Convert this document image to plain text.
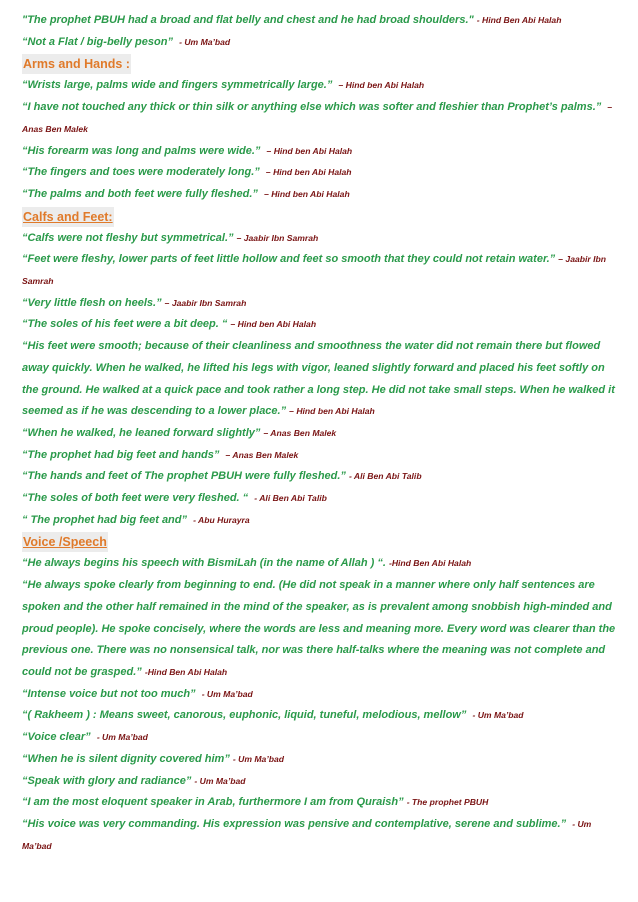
"The prophet PBUH had a broad and flat belly and chest and he had broad shoulders." - Hind Ben Abi Halah

“Not a Flat / big-belly peson” - Um Ma’bad

Arms and Hands :

“Wrists large, palms wide and fingers symmetrically large.” – Hind ben Abi Halah

“I have not touched any thick or thin silk or anything else which was softer and fleshier than Prophet’s palms.” – Anas Ben Malek

“His forearm was long and palms were wide.” – Hind ben Abi Halah

“The fingers and toes were moderately long.” – Hind ben Abi Halah

“The palms and both feet were fully fleshed.” – Hind ben Abi Halah

Calfs and Feet:

“Calfs were not fleshy but symmetrical.” – Jaabir Ibn Samrah

“Feet were fleshy, lower parts of feet little hollow and feet so smooth that they could not retain water.” – Jaabir Ibn Samrah

“Very little flesh on heels.” – Jaabir Ibn Samrah

“The soles of his feet were a bit deep. “ – Hind ben Abi Halah

“His feet were smooth; because of their cleanliness and smoothness the water did not remain there but flowed away quickly. When he walked, he lifted his legs with vigor, leaned slightly forward and placed his feet softly on the ground. He walked at a quick pace and took rather a long step. He did not take small steps. When he walked it seemed as if he was descending to a lower place.” – Hind ben Abi Halah

“When he walked, he leaned forward slightly” – Anas Ben Malek

“The prophet had big feet and hands” – Anas Ben Malek

“The hands and feet of The prophet PBUH were fully fleshed.” - Ali Ben Abi Talib

“The soles of both feet were very fleshed. “ - Ali Ben Abi Talib

“ The prophet had big feet and” - Abu Hurayra

Voice /Speech

“He always begins his speech with BismiLah (in the name of Allah ) “. -Hind Ben Abi Halah

“He always spoke clearly from beginning to end. (He did not speak in a manner where only half sentences are spoken and the other half remained in the mind of the speaker, as is prevalent among snobbish high-minded and proud people). He spoke concisely, where the words are less and meaning more. Every word was clearer than the previous one. There was no nonsensical talk, nor was there half-talks where the meaning was not complete and could not be grasped.” -Hind Ben Abi Halah

“Intense voice but not too much” - Um Ma’bad

“( Rakheem ) : Means sweet, canorous, euphonic, liquid, tuneful, melodious, mellow” - Um Ma’bad

“Voice clear” - Um Ma’bad

“When he is silent dignity covered him” - Um Ma’bad

“Speak with glory and radiance” - Um Ma’bad

“I am the most eloquent speaker in Arab, furthermore I am from Quraish” - The prophet PBUH

“His voice was very commanding. His expression was pensive and contemplative, serene and sublime.” - Um Ma’bad
